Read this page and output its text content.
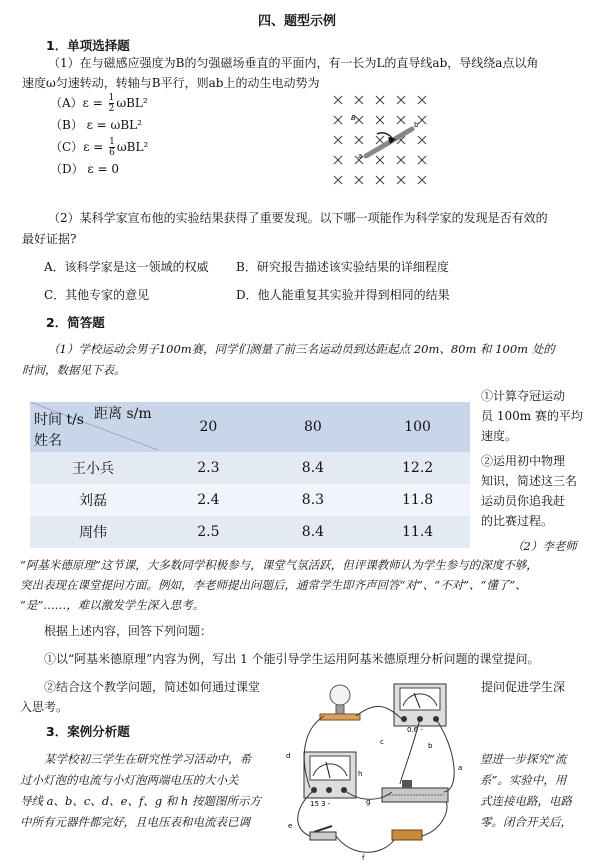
四、题型示例
1．单项选择题
（1）在与磁感应强度为B的匀强磁场垂直的平面内，有一长为L的直导线ab，导线绕a点以角
速度ω匀速转动，转轴与B平行，则ab上的动生电动势为
$(A)\varepsilon = \frac{1}{2} \omega BL^2$
（B） ε = ωBL²
$(C)\varepsilon = \frac{1}{6} \omega BL^2$
（D） ε = 0
B
a
b
（2）某科学家宣布他的实验结果获得了重要发现。以下哪一项能作为科学家的发现是否有效的
最好证据?
A．该科学家是这一领域的权威 B．研究报告描述该实验结果的详细程度
C．其他专家的意见	D．他人能重复其实验并得到相同的结果
2．简答题
（1）学校运动会男子100m赛，同学们测量了前三名运动员到达距起点 20m、80m 和 100m 处的
时间，数据见下表。
距离 s/m
时间 t/s
姓名	20	80	100
王小兵	2.3	8.4	12.2
刘磊	2.4	8.3	11.8
周伟	2.5	8.4	11.4
①计算夺冠运动
员 100m 赛的平均
速度。
②运用初中物理
知识，简述这三名
运动员你追我赶
的比赛过程。
（2）李老师
“阿基米德原理”这节课，大多数同学积极参与，课堂气氛活跃，但评课教师认为学生参与的深度不够，
突出表现在课堂提问方面。例如，李老师提出问题后，通常学生即齐声回答“对”、“不对”、“懂了”、
“是”……，难以激发学生深入思考。
根据上述内容，回答下列问题：
①以“阿基米德原理”内容为例，写出 1 个能引导学生运用阿基米德原理分析问题的课堂提问。
②结合这个教学问题，简述如何通过课堂	提问促进学生深
入思考。
3．案例分析题
某学校初三学生在研究性学习活动中，希
过小灯泡的电流与小灯泡两端电压的大小关
导线 a、b、c、d、e、f、g 和 h 按题图所示方
中所有元器件都完好，且电压表和电流表已调
望进一步探究“流
系”。实验中，用
式连接电路，电路
零。闭合开关后，
0.6 -
15 3 -
c	b
d
h
g
a
e
f
